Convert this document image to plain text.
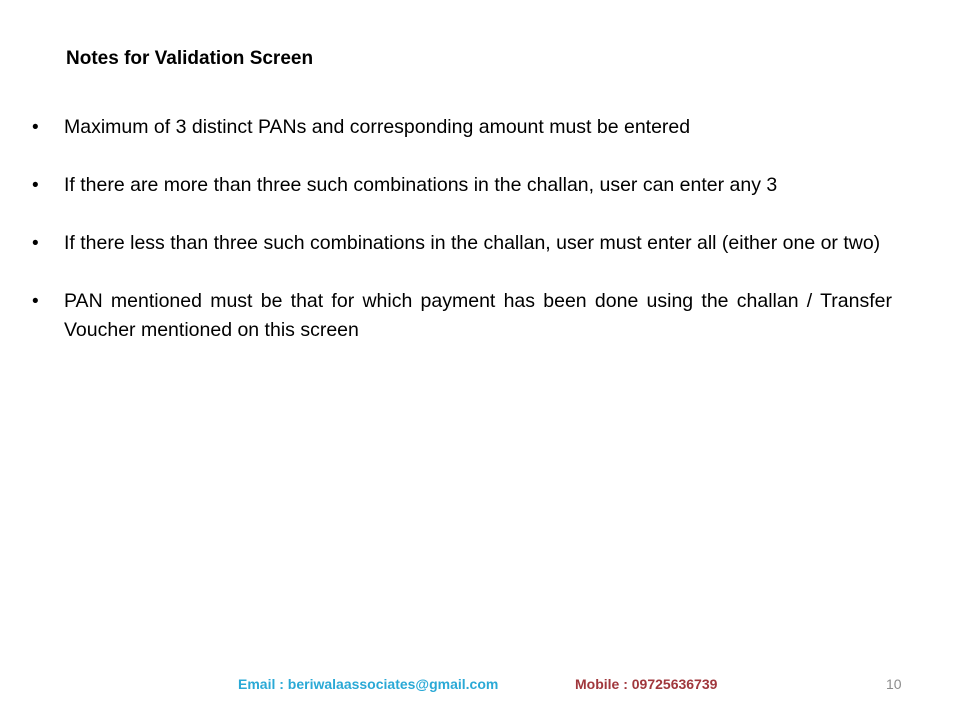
Notes for Validation Screen
• Maximum of 3 distinct PANs and corresponding amount must be entered
• If there are more than three such combinations in the challan, user can enter any 3
• If there less than three such combinations in the challan, user must enter all (either one or two)
• PAN mentioned must be that for which payment has been done using the challan / Transfer Voucher mentioned on this screen
Email : beriwalaassociates@gmail.com	Mobile : 09725636739	10
